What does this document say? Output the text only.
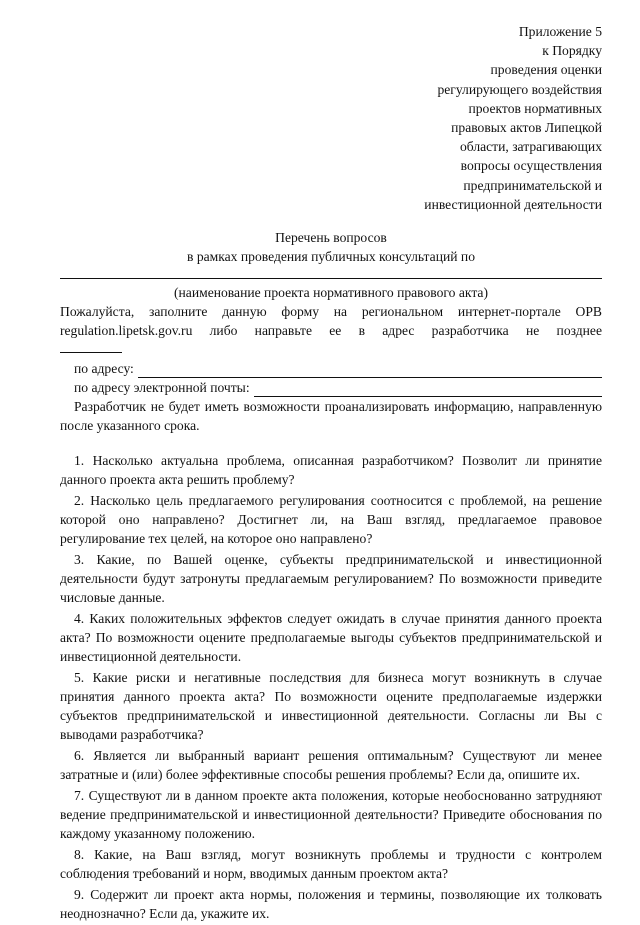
Приложение 5
к Порядку
проведения оценки
регулирующего воздействия
проектов нормативных
правовых актов Липецкой
области, затрагивающих
вопросы осуществления
предпринимательской и
инвестиционной деятельности
Перечень вопросов
в рамках проведения публичных консультаций по
(наименование проекта нормативного правового акта)
Пожалуйста, заполните данную форму на региональном интернет-портале ОРВ
regulation.lipetsk.gov.ru либо направьте ее в адрес разработчика не позднее
по адресу:
по адресу электронной почты:
Разработчик не будет иметь возможности проанализировать информацию, направленную после указанного срока.
1. Насколько актуальна проблема, описанная разработчиком? Позволит ли принятие данного проекта акта решить проблему?
2. Насколько цель предлагаемого регулирования соотносится с проблемой, на решение которой оно направлено? Достигнет ли, на Ваш взгляд, предлагаемое правовое регулирование тех целей, на которое оно направлено?
3. Какие, по Вашей оценке, субъекты предпринимательской и инвестиционной деятельности будут затронуты предлагаемым регулированием? По возможности приведите числовые данные.
4. Каких положительных эффектов следует ожидать в случае принятия данного проекта акта? По возможности оцените предполагаемые выгоды субъектов предпринимательской и инвестиционной деятельности.
5. Какие риски и негативные последствия для бизнеса могут возникнуть в случае принятия данного проекта акта? По возможности оцените предполагаемые издержки субъектов предпринимательской и инвестиционной деятельности. Согласны ли Вы с выводами разработчика?
6. Является ли выбранный вариант решения оптимальным? Существуют ли менее затратные и (или) более эффективные способы решения проблемы? Если да, опишите их.
7. Существуют ли в данном проекте акта положения, которые необоснованно затрудняют ведение предпринимательской и инвестиционной деятельности? Приведите обоснования по каждому указанному положению.
8. Какие, на Ваш взгляд, могут возникнуть проблемы и трудности с контролем соблюдения требований и норм, вводимых данным проектом акта?
9. Содержит ли проект акта нормы, положения и термины, позволяющие их толковать неоднозначно? Если да, укажите их.
